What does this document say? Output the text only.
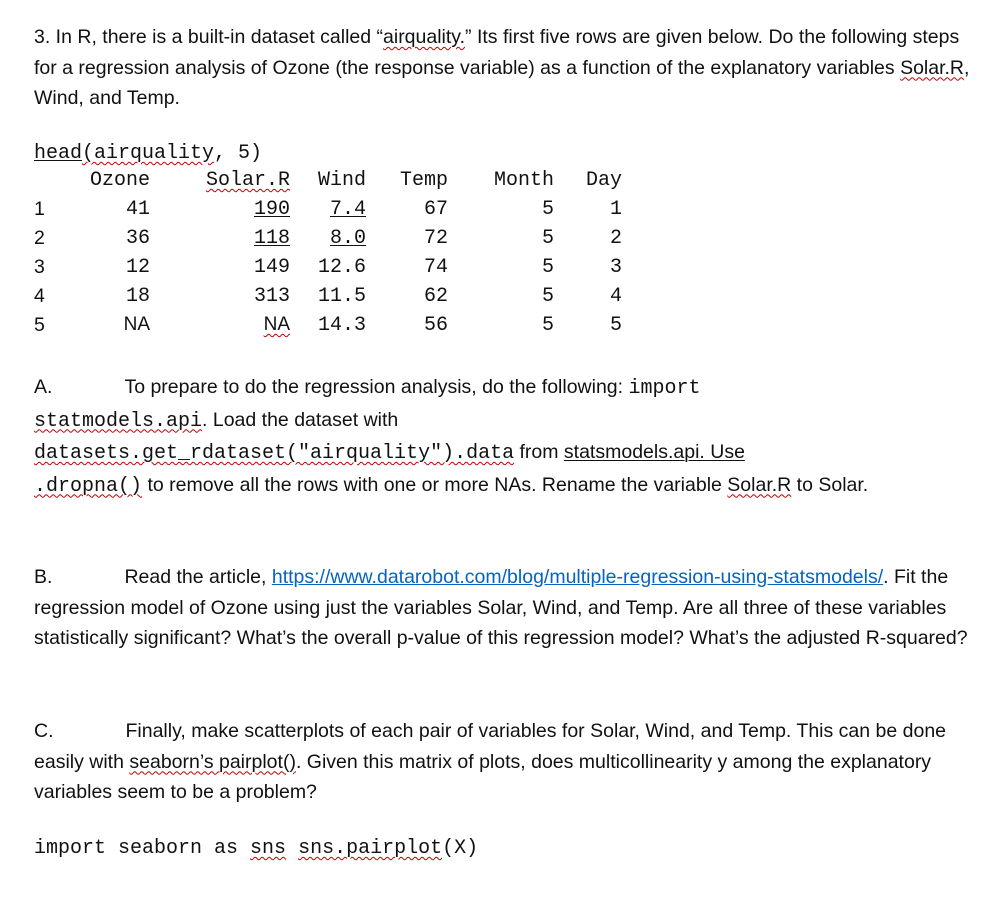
3. In R, there is a built-in dataset called “airquality.” Its first five rows are given below. Do the following steps for a regression analysis of Ozone (the response variable) as a function of the explanatory variables Solar.R, Wind, and Temp.

head(airquality, 5)
	Ozone	Solar.R	Wind	Temp	Month	Day
1	41	190	7.4	67	5	1
2	36	118	8.0	72	5	2
3	12	149	12.6	74	5	3
4	18	313	11.5	62	5	4
5	NA	NA	14.3	56	5	5

A.	To prepare to do the regression analysis, do the following: import
statmodels.api. Load the dataset with
datasets.get_rdataset("airquality").data from statsmodels.api. Use
.dropna() to remove all the rows with one or more NAs. Rename the variable Solar.R to Solar.

B.	Read the article, https://www.datarobot.com/blog/multiple-regression-using-statsmodels/. Fit the regression model of Ozone using just the variables Solar, Wind, and Temp. Are all three of these variables statistically significant? What’s the overall p-value of this regression model? What’s the adjusted R-squared?

C.	Finally, make scatterplots of each pair of variables for Solar, Wind, and Temp. This can be done easily with seaborn’s pairplot(). Given this matrix of plots, does multicollinearity y among the explanatory variables seem to be a problem?

import seaborn as sns sns.pairplot(X)
